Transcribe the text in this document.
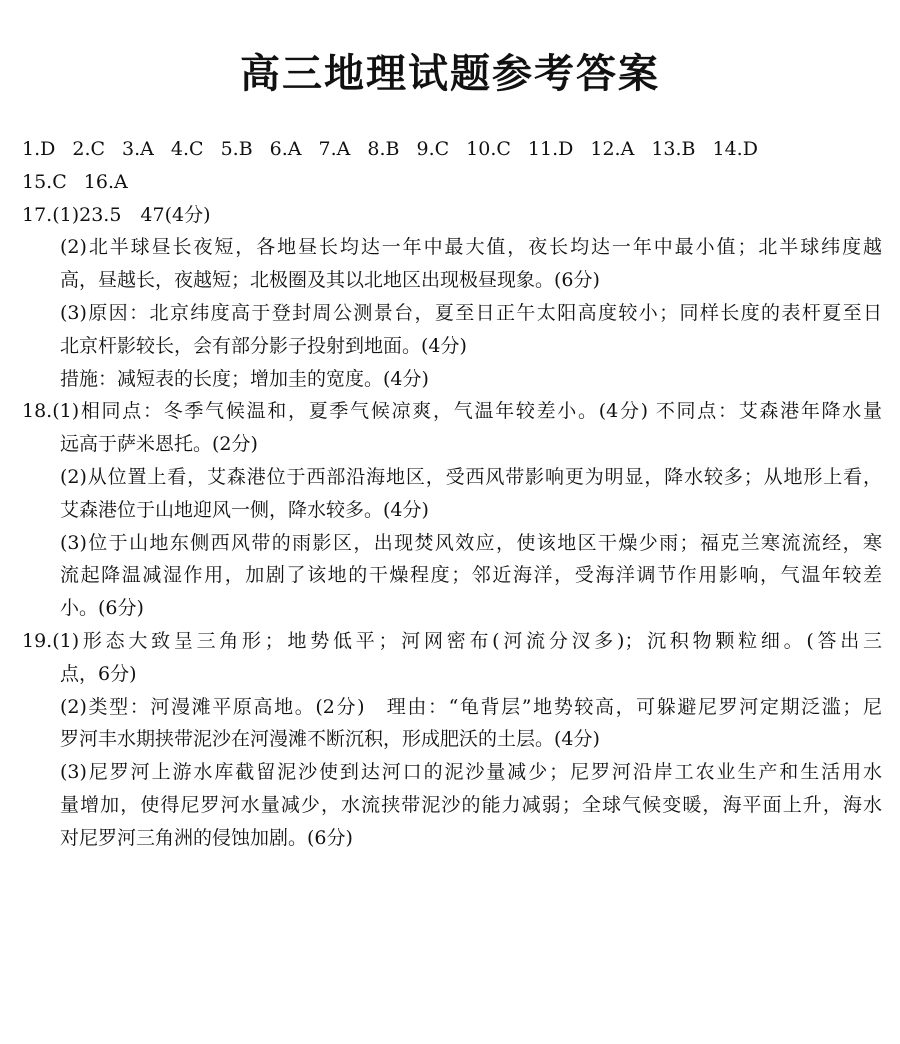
高三地理试题参考答案
1.D 2.C 3.A 4.C 5.B 6.A 7.A 8.B 9.C 10.C 11.D 12.A 13.B 14.D
15.C 16.A
17.(1)23.5　47(4分)
(2)北半球昼长夜短，各地昼长均达一年中最大值，夜长均达一年中最小值；北半球纬度越
高，昼越长，夜越短；北极圈及其以北地区出现极昼现象。(6分)
(3)原因：北京纬度高于登封周公测景台，夏至日正午太阳高度较小；同样长度的表杆夏至日
北京杆影较长，会有部分影子投射到地面。(4分)
措施：减短表的长度；增加圭的宽度。(4分)
18.(1)相同点：冬季气候温和，夏季气候凉爽，气温年较差小。(4分) 不同点：艾森港年降水量
远高于萨米恩托。(2分)
(2)从位置上看，艾森港位于西部沿海地区，受西风带影响更为明显，降水较多；从地形上看，
艾森港位于山地迎风一侧，降水较多。(4分)
(3)位于山地东侧西风带的雨影区，出现焚风效应，使该地区干燥少雨；福克兰寒流流经，寒
流起降温减湿作用，加剧了该地的干燥程度；邻近海洋，受海洋调节作用影响，气温年较差
小。(6分)
19.(1)形态大致呈三角形；地势低平；河网密布(河流分汊多)；沉积物颗粒细。(答出三
点，6分)
(2)类型：河漫滩平原高地。(2分)　理由：“龟背层”地势较高，可躲避尼罗河定期泛滥；尼
罗河丰水期挟带泥沙在河漫滩不断沉积，形成肥沃的土层。(4分)
(3)尼罗河上游水库截留泥沙使到达河口的泥沙量减少；尼罗河沿岸工农业生产和生活用水
量增加，使得尼罗河水量减少，水流挟带泥沙的能力减弱；全球气候变暖，海平面上升，海水
对尼罗河三角洲的侵蚀加剧。(6分)
